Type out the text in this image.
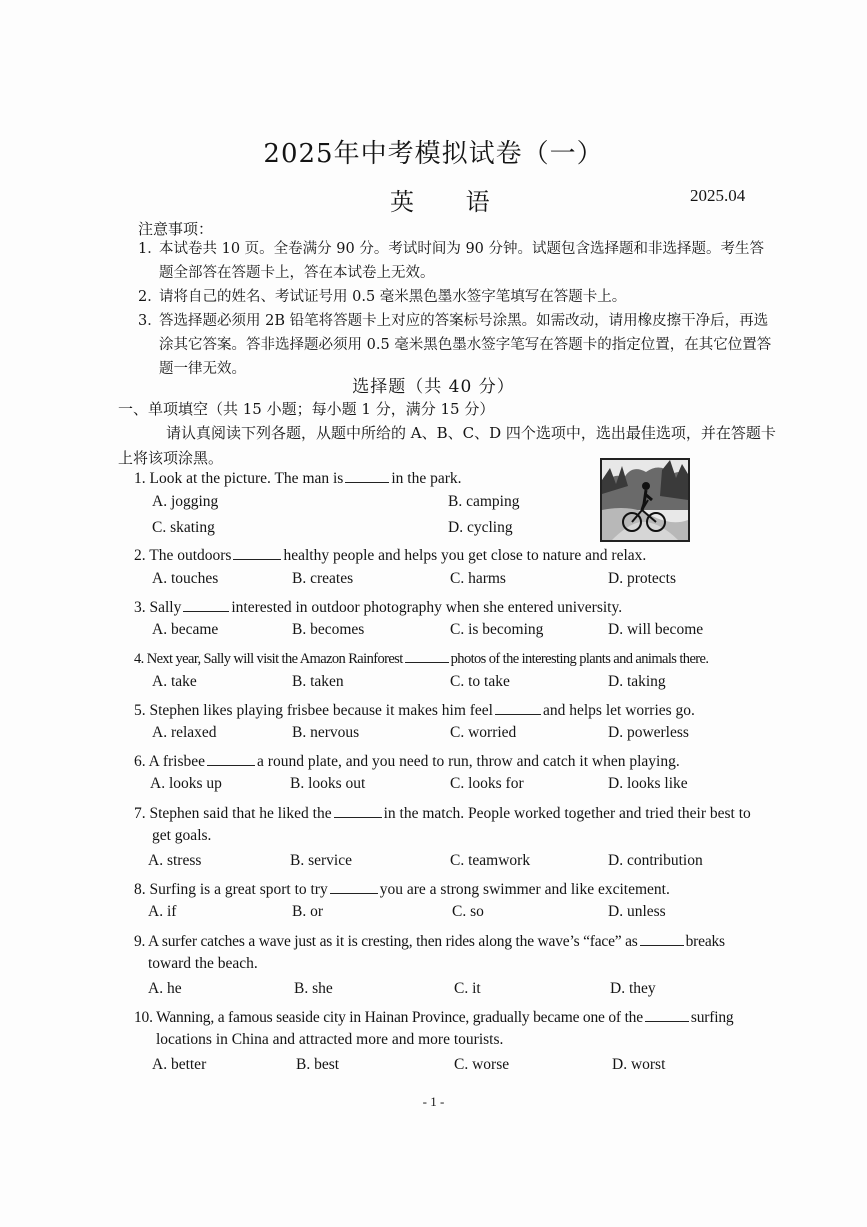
2025年中考模拟试卷（一）
英 语	2025.04
注意事项：
1．
本试卷共 10 页。全卷满分 90 分。考试时间为 90 分钟。试题包含选择题和非选择题。考生答题全部答在答题卡上，答在本试卷上无效。
2．
请将自己的姓名、考试证号用 0.5 毫米黑色墨水签字笔填写在答题卡上。
3．
答选择题必须用 2B 铅笔将答题卡上对应的答案标号涂黑。如需改动，请用橡皮擦干净后，再选涂其它答案。答非选择题必须用 0.5 毫米黑色墨水签字笔写在答题卡的指定位置，在其它位置答题一律无效。
选择题（共 40 分）
一、单项填空（共 15 小题；每小题 1 分，满分 15 分）
请认真阅读下列各题，从题中所给的 A、B、C、D 四个选项中，选出最佳选项，并在答题卡上将该项涂黑。
1. Look at the picture. The man is	in the park.
A. jogging	B. camping
C. skating	D. cycling
2. The outdoors	healthy people and helps you get close to nature and relax.
A. touches	B. creates	C. harms	D. protects
3. Sally	interested in outdoor photography when she entered university.
A. became	B. becomes	C. is becoming	D. will become
4. Next year, Sally will visit the Amazon Rainforest	photos of the interesting plants and animals there.
A. take	B. taken	C. to take	D. taking
5. Stephen likes playing frisbee because it makes him feel	and helps let worries go.
A. relaxed	B. nervous	C. worried	D. powerless
6. A frisbee	a round plate, and you need to run, throw and catch it when playing.
A. looks up	B. looks out	C. looks for	D. looks like
7. Stephen said that he liked the	in the match. People worked together and tried their best to
get goals.
A. stress	B. service	C. teamwork	D. contribution
8. Surfing is a great sport to try	you are a strong swimmer and like excitement.
A. if	B. or	C. so	D. unless
9. A surfer catches a wave just as it is cresting, then rides along the wave’s “face” as	breaks
toward the beach.
A. he	B. she	C. it	D. they
10. Wanning, a famous seaside city in Hainan Province, gradually became one of the	surfing
locations in China and attracted more and more tourists.
A. better	B. best	C. worse	D. worst
- 1 -
